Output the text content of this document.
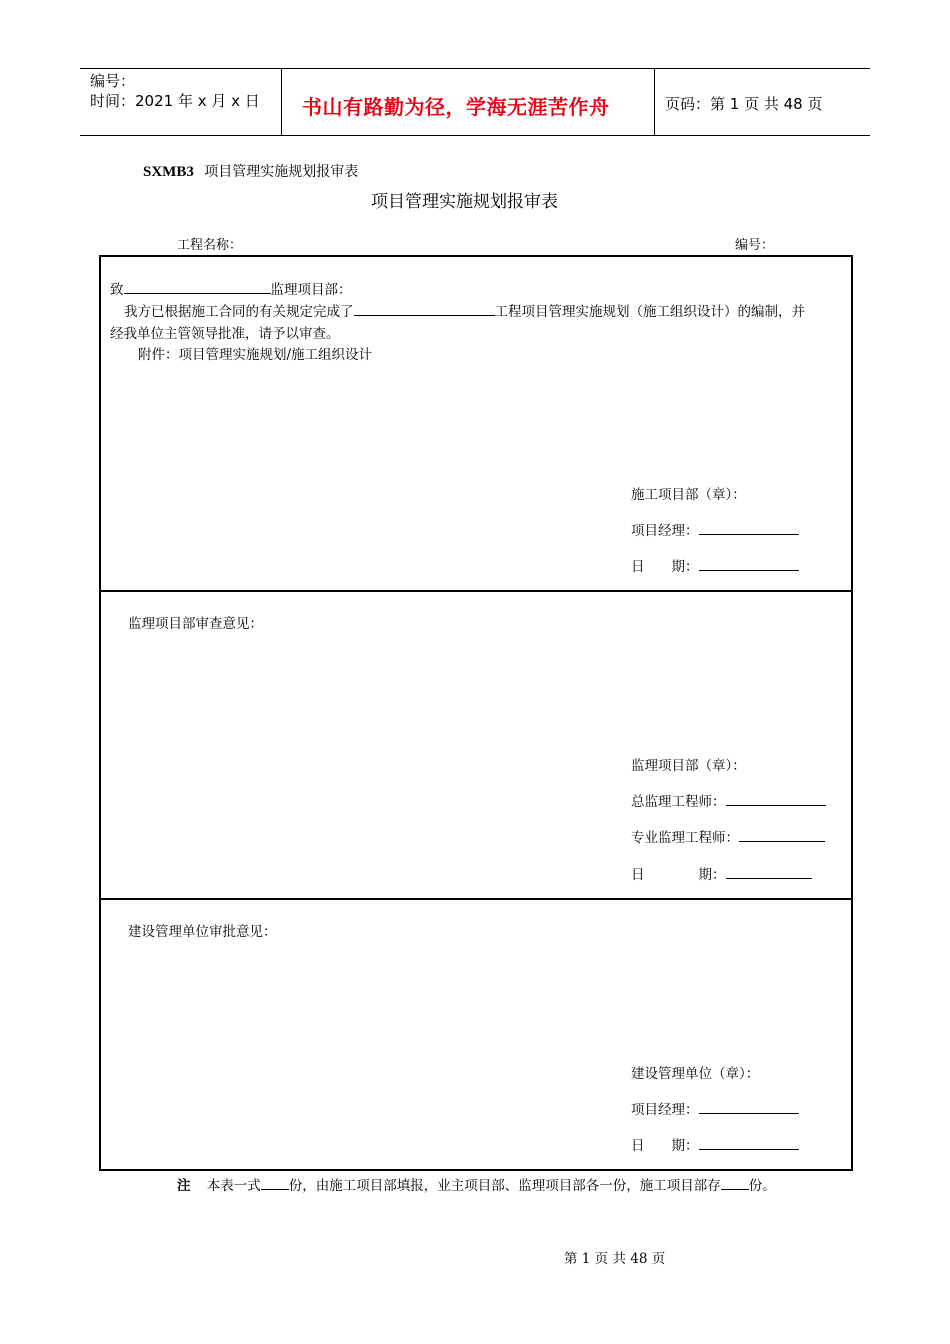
编号：
时间：2021 年 x 月 x 日 书山有路勤为径，学海无涯苦作舟	页码：第 1 页 共 48 页
SXMB3 项目管理实施规划报审表
项目管理实施规划报审表
工程名称：	编号：
致	监理项目部：
我方已根据施工合同的有关规定完成了	工程项目管理实施规划（施工组织设计）的编制，并
经我单位主管领导批准，请予以审查。
附件：项目管理实施规划/施工组织设计
施工项目部（章）：
项目经理：
日　　期：
监理项目部审查意见：
监理项目部（章）：
总监理工程师：
专业监理工程师：
日　　　　期：
建设管理单位审批意见：
建设管理单位（章）：
项目经理：
日　　期：
注 本表一式 份，由施工项目部填报，业主项目部、监理项目部各一份，施工项目部存 份。
第 1 页 共 48 页
